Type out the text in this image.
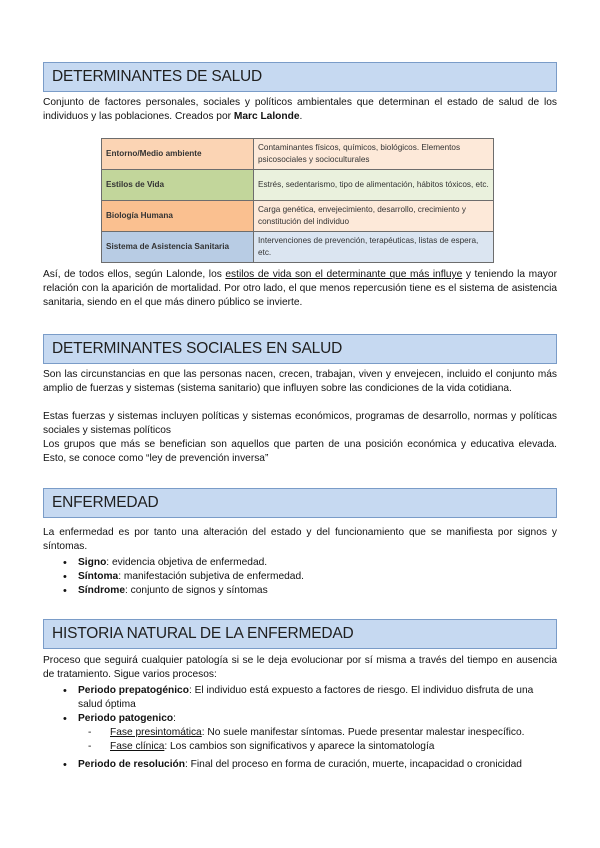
DETERMINANTES DE SALUD
Conjunto de factores personales, sociales y políticos ambientales que determinan el estado de salud de los individuos y las poblaciones. Creados por Marc Lalonde.
Entorno/Medio ambiente	Contaminantes físicos, químicos, biológicos. Elementos psicosociales y socioculturales
Estilos de Vida	Estrés, sedentarismo, tipo de alimentación, hábitos tóxicos, etc.
Biología Humana	Carga genética, envejecimiento, desarrollo, crecimiento y constitución del individuo
Sistema de Asistencia Sanitaria	Intervenciones de prevención, terapéuticas, listas de espera, etc.
Así, de todos ellos, según Lalonde, los estilos de vida son el determinante que más influye y teniendo la mayor relación con la aparición de mortalidad. Por otro lado, el que menos repercusión tiene es el sistema de asistencia sanitaria, siendo en el que más dinero público se invierte.
DETERMINANTES SOCIALES EN SALUD
Son las circunstancias en que las personas nacen, crecen, trabajan, viven y envejecen, incluido el conjunto más amplio de fuerzas y sistemas (sistema sanitario) que influyen sobre las condiciones de la vida cotidiana.
Estas fuerzas y sistemas incluyen políticas y sistemas económicos, programas de desarrollo, normas y políticas sociales y sistemas políticos
Los grupos que más se benefician son aquellos que parten de una posición económica y educativa elevada. Esto, se conoce como “ley de prevención inversa”
ENFERMEDAD
La enfermedad es por tanto una alteración del estado y del funcionamiento que se manifiesta por signos y síntomas.
• Signo: evidencia objetiva de enfermedad.
• Síntoma: manifestación subjetiva de enfermedad.
• Síndrome: conjunto de signos y síntomas
HISTORIA NATURAL DE LA ENFERMEDAD
Proceso que seguirá cualquier patología si se le deja evolucionar por sí misma a través del tiempo en ausencia de tratamiento. Sigue varios procesos:
• Periodo prepatogénico: El individuo está expuesto a factores de riesgo. El individuo disfruta de una salud óptima
• Periodo patogenico:
- Fase presintomática: No suele manifestar síntomas. Puede presentar malestar inespecífico.
- Fase clínica: Los cambios son significativos y aparece la sintomatología
• Periodo de resolución: Final del proceso en forma de curación, muerte, incapacidad o cronicidad
